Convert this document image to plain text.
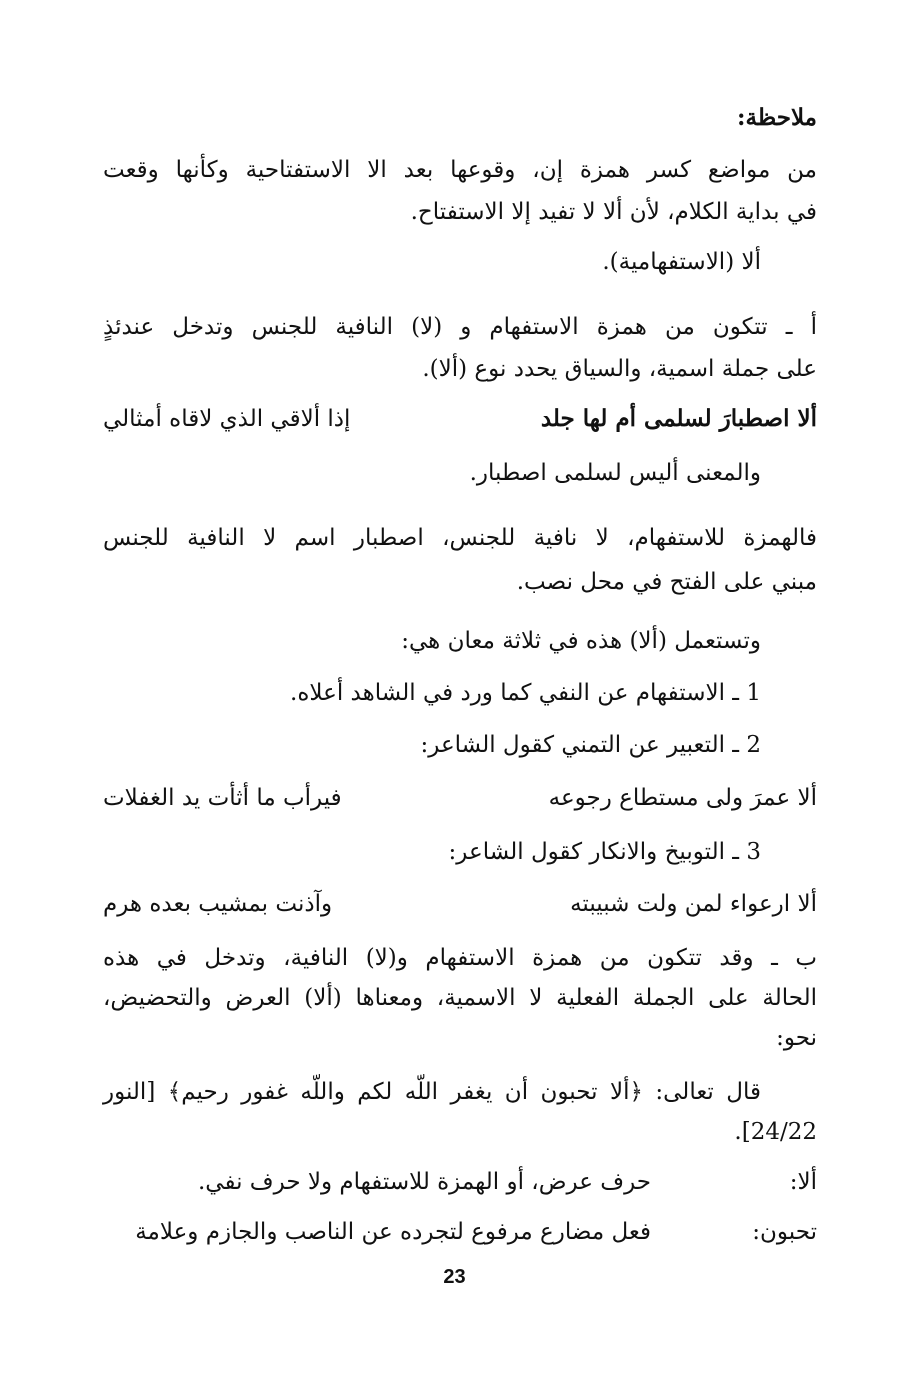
ملاحظة:
من مواضع كسر همزة إن، وقوعها بعد الا الاستفتاحية وكأنها وقعت
في بداية الكلام، لأن ألا لا تفيد إلا الاستفتاح.
ألا (الاستفهامية).
أ ـ تتكون من همزة الاستفهام و (لا) النافية للجنس وتدخل عندئذٍ
على جملة اسمية، والسياق يحدد نوع (ألا).
ألا اصطبارَ لسلمى أم لها جلد
إذا ألاقي الذي لاقاه أمثالي
والمعنى أليس لسلمى اصطبار.
فالهمزة للاستفهام، لا نافية للجنس، اصطبار اسم لا النافية للجنس
مبني على الفتح في محل نصب.
وتستعمل (ألا) هذه في ثلاثة معان هي:
1 ـ الاستفهام عن النفي كما ورد في الشاهد أعلاه.
2 ـ التعبير عن التمني كقول الشاعر:
ألا عمرَ ولى مستطاع رجوعه
فيرأب ما أثأت يد الغفلات
3 ـ التوبيخ والانكار كقول الشاعر:
ألا ارعواء لمن ولت شبيبته
وآذنت بمشيب بعده هرم
ب ـ وقد تتكون من همزة الاستفهام و(لا) النافية، وتدخل في هذه
الحالة على الجملة الفعلية لا الاسمية، ومعناها (ألا) العرض والتحضيض،
نحو:
قال تعالى: ﴿ألا تحبون أن يغفر اللّه لكم واللّه غفور رحيم﴾ [النور
24/22].
ألا:
حرف عرض، أو الهمزة للاستفهام ولا حرف نفي.
تحبون:
فعل مضارع مرفوع لتجرده عن الناصب والجازم وعلامة
23
